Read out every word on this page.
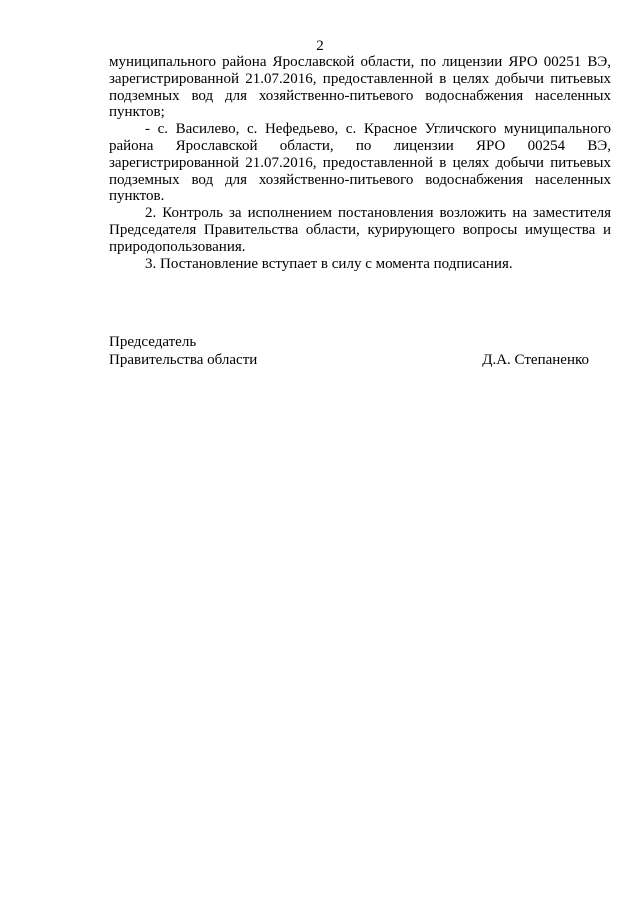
2

муниципального района Ярославской области, по лицензии ЯРО 00251 ВЭ, зарегистрированной 21.07.2016, предоставленной в целях добычи питьевых подземных вод для хозяйственно-питьевого водоснабжения населенных пунктов;

- с. Василево, с. Нефедьево, с. Красное Угличского муниципального района Ярославской области, по лицензии ЯРО 00254 ВЭ, зарегистрированной 21.07.2016, предоставленной в целях добычи питьевых подземных вод для хозяйственно-питьевого водоснабжения населенных пунктов.

2. Контроль за исполнением постановления возложить на заместителя Председателя Правительства области, курирующего вопросы имущества и природопользования.

3. Постановление вступает в силу с момента подписания.

Председатель
Правительства области	Д.А. Степаненко
